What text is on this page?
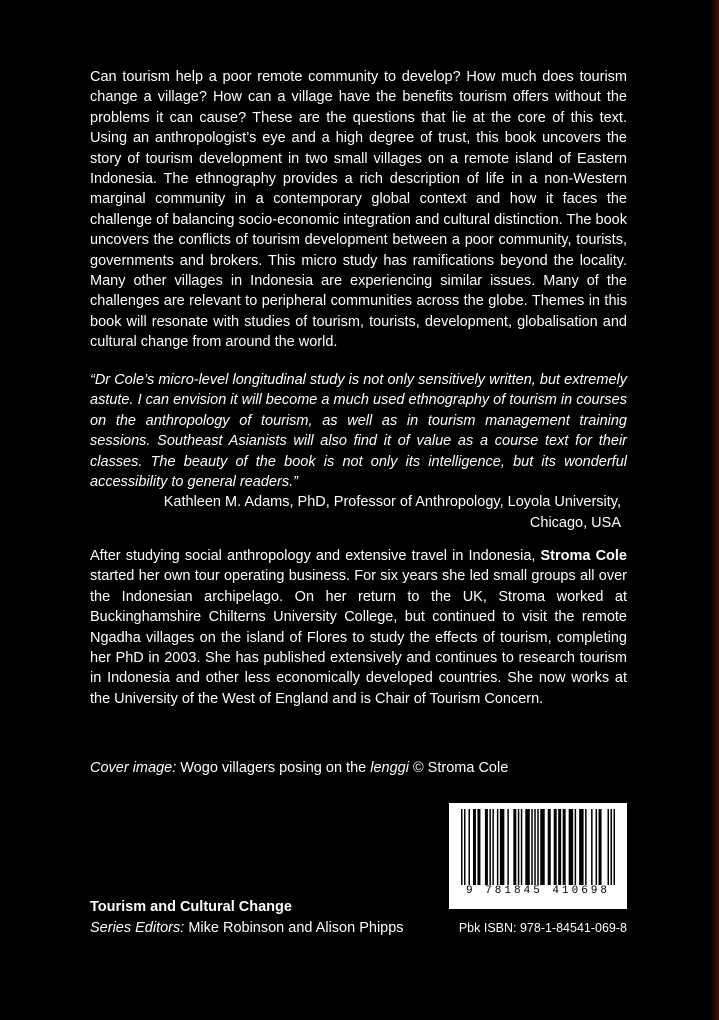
Can tourism help a poor remote community to develop? How much does tourism change a village? How can a village have the benefits tourism offers without the problems it can cause? These are the questions that lie at the core of this text. Using an anthropologist’s eye and a high degree of trust, this book uncovers the story of tourism development in two small villages on a remote island of Eastern Indonesia. The ethnography provides a rich description of life in a non-Western marginal community in a contemporary global context and how it faces the challenge of balancing socio-economic integration and cultural distinction. The book uncovers the conflicts of tourism development between a poor community, tourists, governments and brokers. This micro study has ramifications beyond the locality. Many other villages in Indonesia are experiencing similar issues. Many of the challenges are relevant to peripheral communities across the globe. Themes in this book will resonate with studies of tourism, tourists, development, globalisation and cultural change from around the world.

“Dr Cole’s micro-level longitudinal study is not only sensitively written, but extremely astute. I can envision it will become a much used ethnography of tourism in courses on the anthropology of tourism, as well as in tourism management training sessions. Southeast Asianists will also find it of value as a course text for their classes. The beauty of the book is not only its intelligence, but its wonderful accessibility to general readers.”

Kathleen M. Adams, PhD, Professor of Anthropology, Loyola University,
Chicago, USA

After studying social anthropology and extensive travel in Indonesia, Stroma Cole started her own tour operating business. For six years she led small groups all over the Indonesian archipelago. On her return to the UK, Stroma worked at Buckinghamshire Chilterns University College, but continued to visit the remote Ngadha villages on the island of Flores to study the effects of tourism, completing her PhD in 2003. She has published extensively and continues to research tourism in Indonesia and other less economically developed countries. She now works at the University of the West of England and is Chair of Tourism Concern.

Cover image: Wogo villagers posing on the lenggi © Stroma Cole
9 781845 410698
Tourism and Cultural Change
Series Editors: Mike Robinson and Alison Phipps	Pbk ISBN: 978-1-84541-069-8
